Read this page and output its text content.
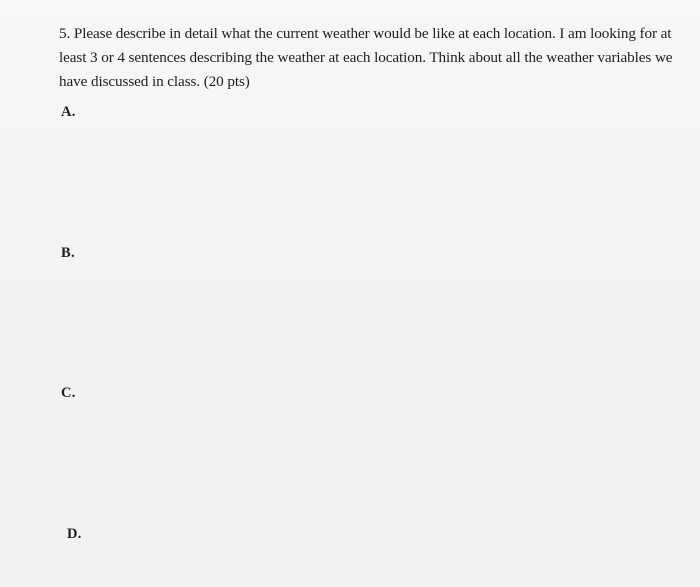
5. Please describe in detail what the current weather would be like at each location. I am looking for at
least 3 or 4 sentences describing the weather at each location. Think about all the weather variables we
have discussed in class. (20 pts)
A.
B.
C.
D.
